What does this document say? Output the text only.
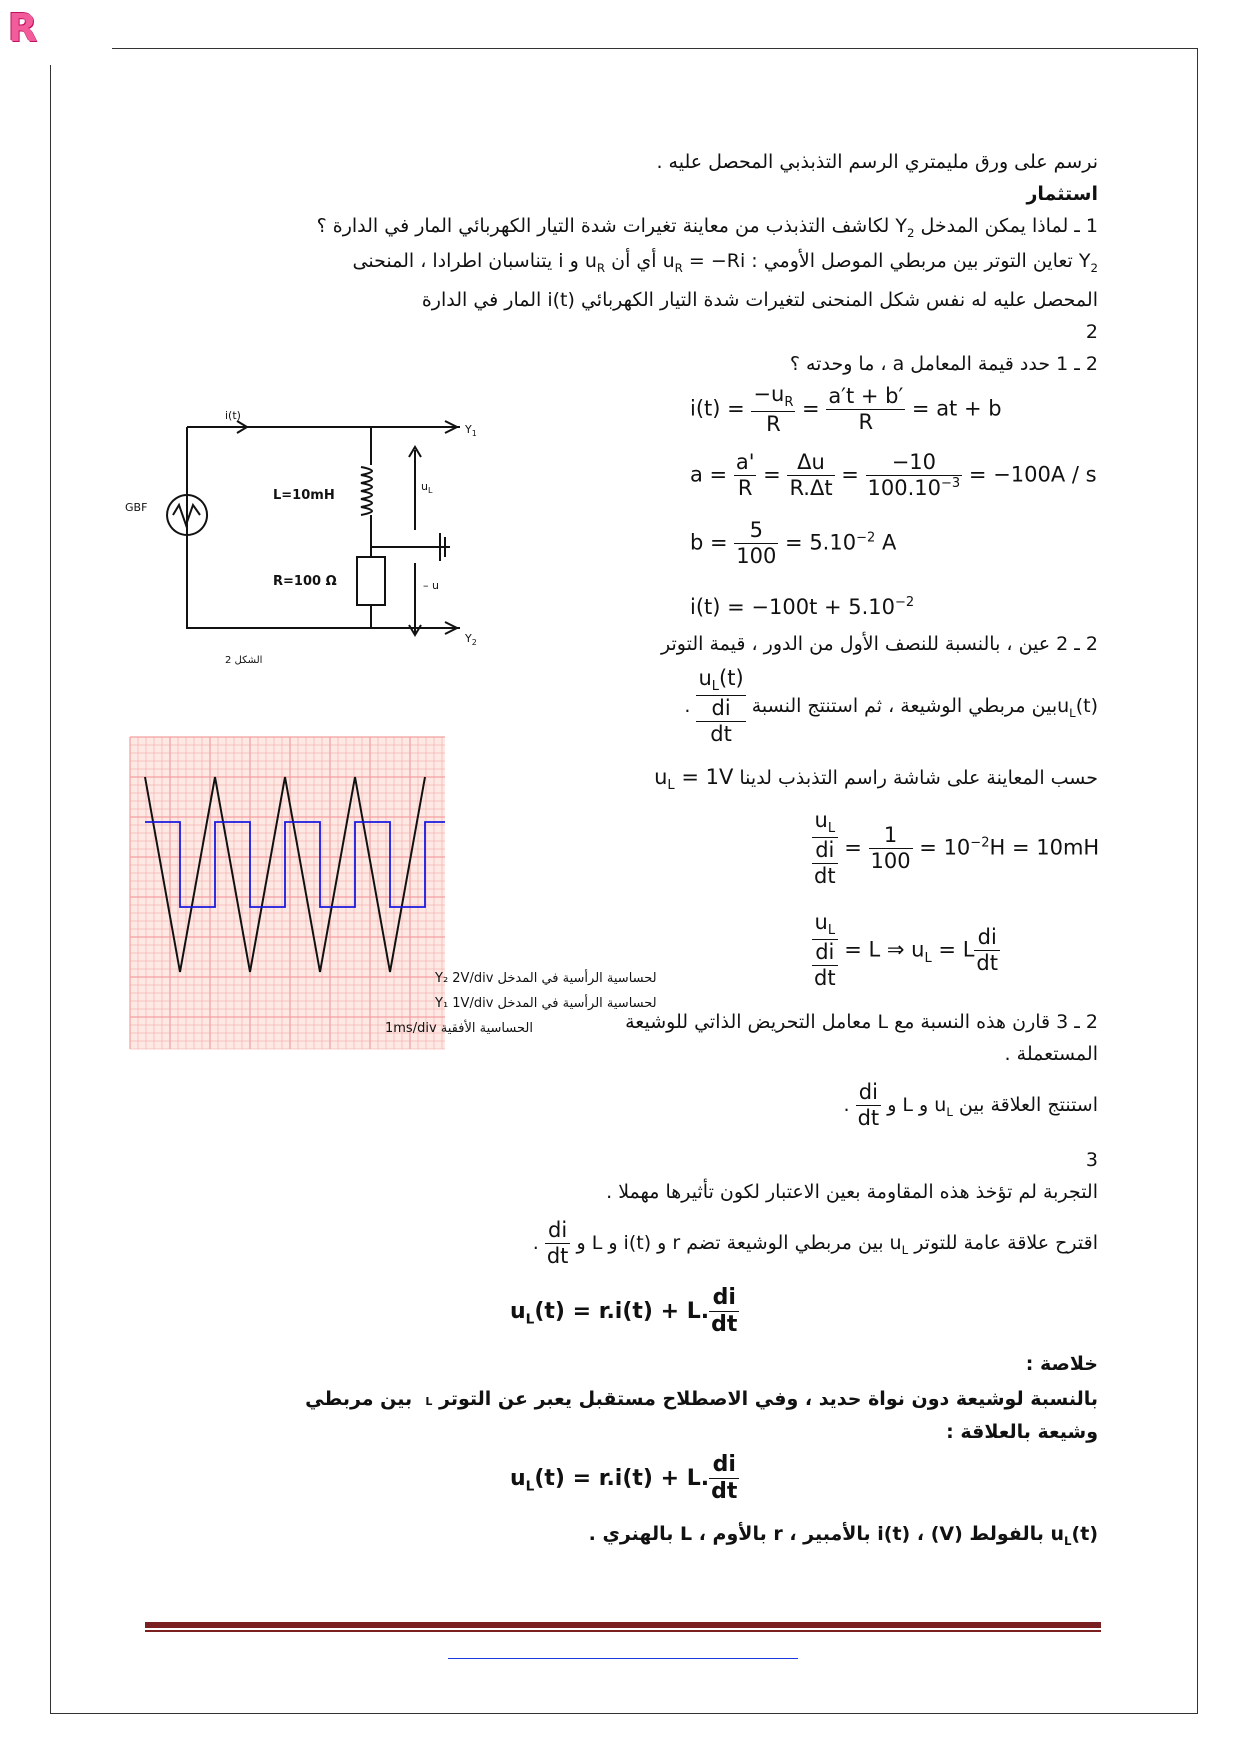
R
نرسم على ورق مليمتري الرسم التذبذبي المحصل عليه .
استثمار
1 ـ لماذا يمكن المدخل $Y_2$ لكاشف التذبذب من معاينة تغيرات شدة التيار الكهربائي المار في الدارة ؟
$Y_2$ تعاين التوتر بين مربطي الموصل الأومي : $u_R = -Ri$ أي أن $u_R$ و i يتناسبان اطرادا ، المنحنى
المحصل عليه له نفس شكل المنحنى لتغيرات شدة التيار الكهربائي i(t) المار في الدارة
2
2 ـ 1 حدد قيمة المعامل a ، ما وحدته ؟
$i(t) = \frac{-u_R}{R} = \frac{a't + b'}{R}$ = at + b
$a = \frac{a'}{R} = \frac{\Delta u}{R.\Delta t} = \frac{-10}{100.10^{-3}} = -100A / s$
$b = \frac{5}{100} = 5.10^{-2}$ A
$i(t) = -100t + 5.10^{-2}$
2 ـ 2 عين ، بالنسبة للنصف الأول من الدور ، قيمة التوتر
$u_L(t)بين$ مربطي الوشيعة ، ثم استنتج النسبة
$u_L(t)$
di
dt
.
حسب المعاينة على شاشة راسم التذبذب لدينا $u_L = 1V$
$u_L$
di
dt
= $\frac{1}{100} = 10^{-2}H = 10mH$
$u_L$
di
dt
= L ⇒ $u_L = L \frac{di}{dt}$
2 ـ 3 قارن هذه النسبة مع L معامل التحريض الذاتي للوشيعة
المستعملة .
استنتج العلاقة بين $u_L$ و L و
$\frac{di}{dt}$
.
3
التجربة لم تؤخذ هذه المقاومة بعين الاعتبار لكون تأثيرها مهملا .
اقترح علاقة عامة للتوتر $u_L$ بين مربطي الوشيعة تضم r و i(t) و L و
$\frac{di}{dt}$
.
$u_L(t) = r.i(t) + L$. $\frac{di}{dt}$
خلاصة :
بالنسبة لوشيعة دون نواة حديد ، وفي الاصطلاح مستقبل يعبر عن التوتر L  بين مربطي
وشيعة بالعلاقة :
$u_L(t) = r.i(t) + L$. $\frac{di}{dt}$
$u_L(t)$ بالفولط (V) ، i(t) بالأمبير ، r بالأوم ، L بالهنري .
i(t)
$Y_1$
$Y_2$
$u_L$
– u
L=10mH
R=100 Ω
GBF
الشكل 2
لحساسية الرأسية في المدخل Y₂ 2V/div
لحساسية الرأسية في المدخل Y₁ 1V/div
الحساسية الأفقية 1ms/div
